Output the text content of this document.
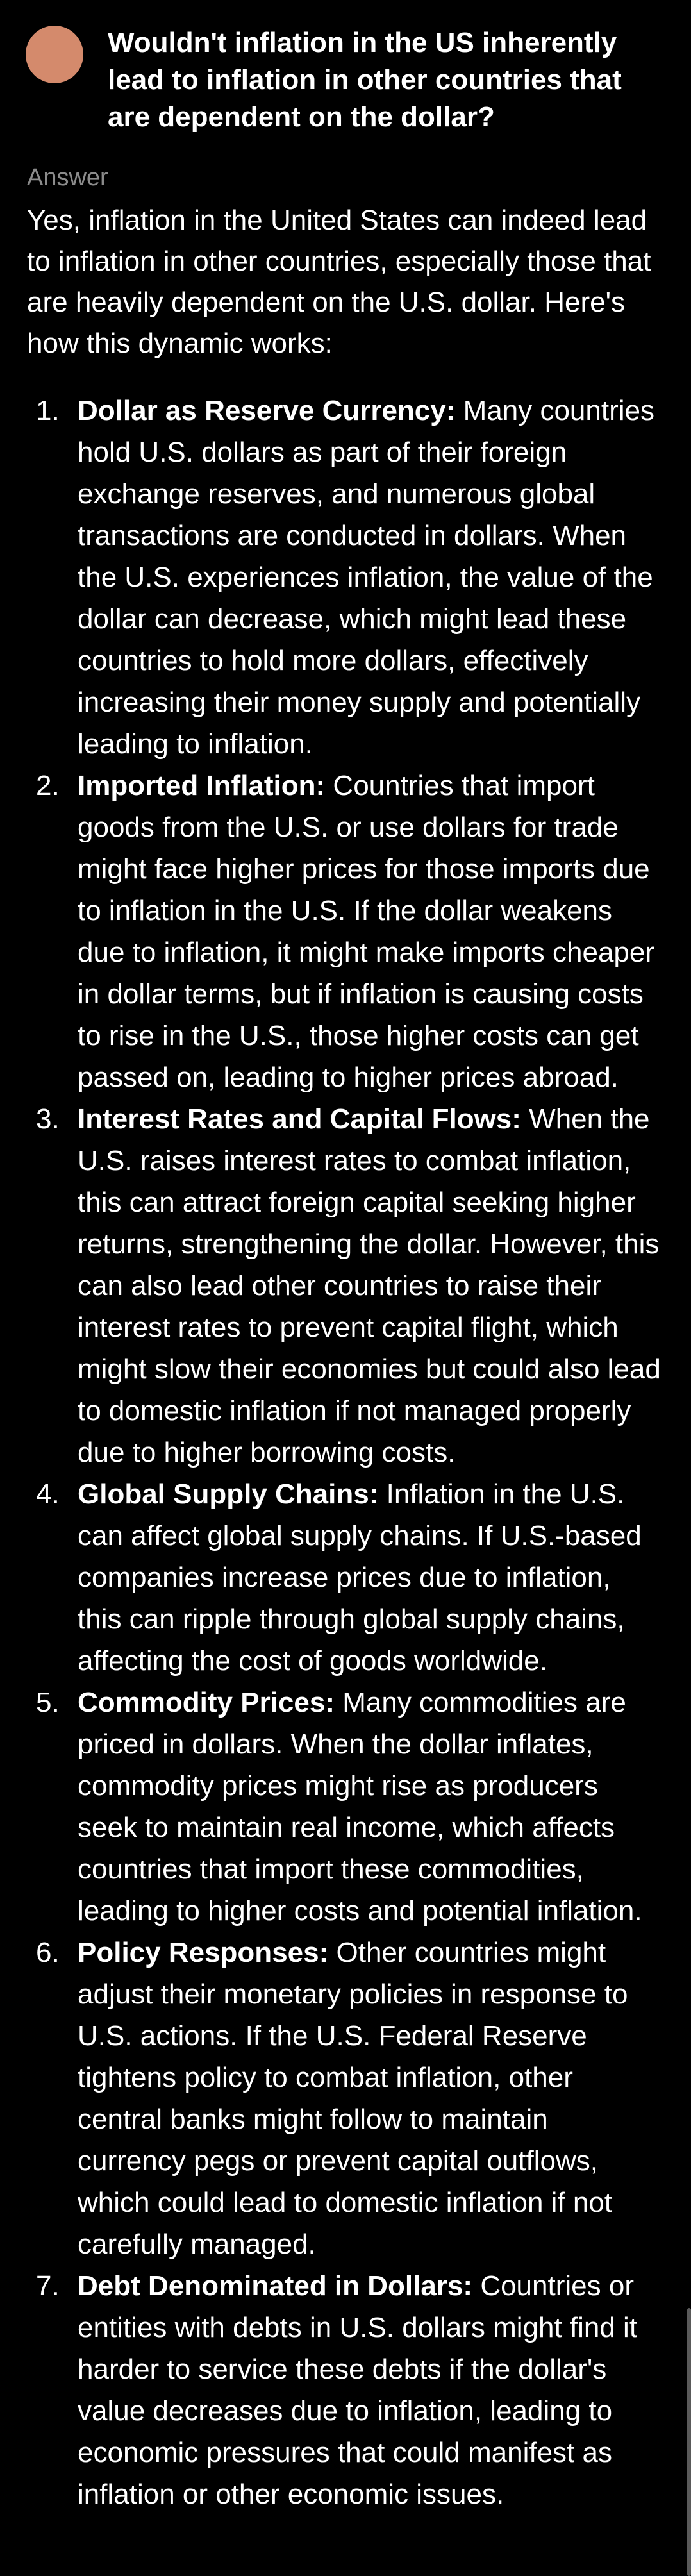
Wouldn't inflation in the US inherently lead to inflation in other countries that are dependent on the dollar?
Answer
Yes, inflation in the United States can indeed lead to inflation in other countries, especially those that are heavily dependent on the U.S. dollar. Here's how this dynamic works:
1. Dollar as Reserve Currency: Many countries hold U.S. dollars as part of their foreign exchange reserves, and numerous global transactions are conducted in dollars. When the U.S. experiences inflation, the value of the dollar can decrease, which might lead these countries to hold more dollars, effectively increasing their money supply and potentially leading to inflation.
2. Imported Inflation: Countries that import goods from the U.S. or use dollars for trade might face higher prices for those imports due to inflation in the U.S. If the dollar weakens due to inflation, it might make imports cheaper in dollar terms, but if inflation is causing costs to rise in the U.S., those higher costs can get passed on, leading to higher prices abroad.
3. Interest Rates and Capital Flows: When the U.S. raises interest rates to combat inflation, this can attract foreign capital seeking higher returns, strengthening the dollar. However, this can also lead other countries to raise their interest rates to prevent capital flight, which might slow their economies but could also lead to domestic inflation if not managed properly due to higher borrowing costs.
4. Global Supply Chains: Inflation in the U.S. can affect global supply chains. If U.S.-based companies increase prices due to inflation, this can ripple through global supply chains, affecting the cost of goods worldwide.
5. Commodity Prices: Many commodities are priced in dollars. When the dollar inflates, commodity prices might rise as producers seek to maintain real income, which affects countries that import these commodities, leading to higher costs and potential inflation.
6. Policy Responses: Other countries might adjust their monetary policies in response to U.S. actions. If the U.S. Federal Reserve tightens policy to combat inflation, other central banks might follow to maintain currency pegs or prevent capital outflows, which could lead to domestic inflation if not carefully managed.
7. Debt Denominated in Dollars: Countries or entities with debts in U.S. dollars might find it harder to service these debts if the dollar's value decreases due to inflation, leading to economic pressures that could manifest as inflation or other economic issues.
